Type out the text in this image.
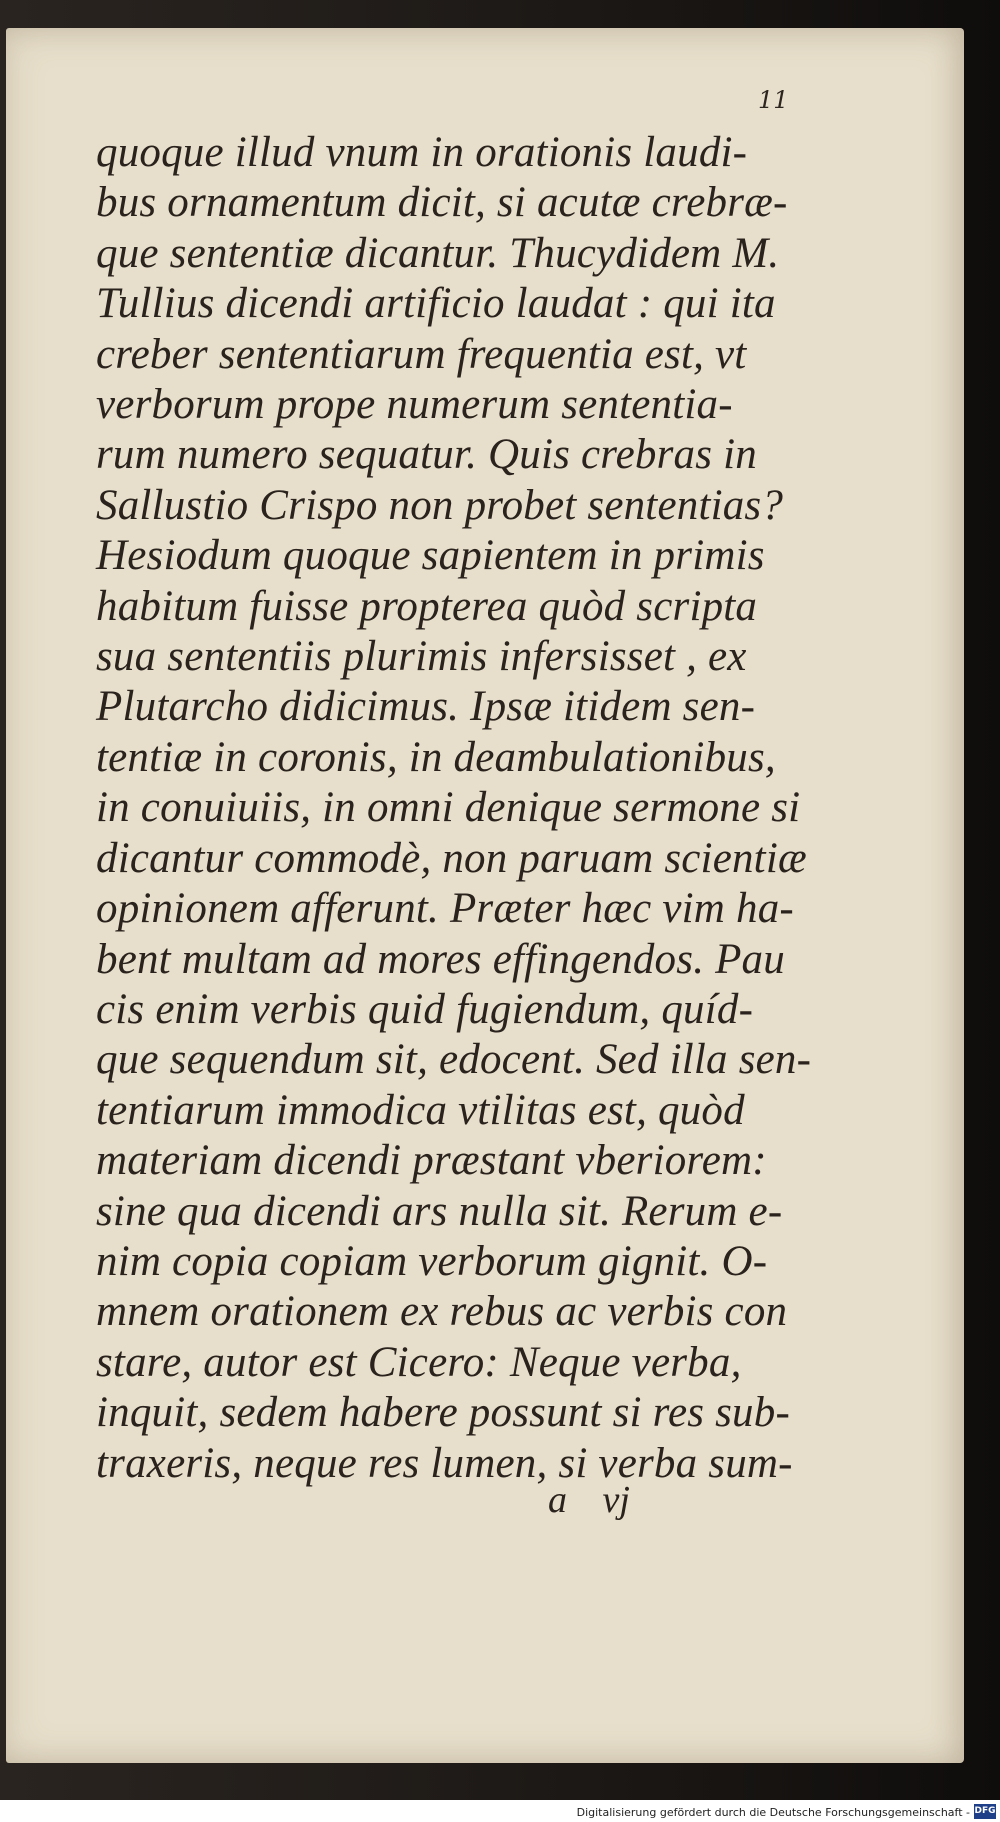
11
quoque illud vnum in orationis laudi-
bus ornamentum dicit, si acutæ crebræ-
que sententiæ dicantur. Thucydidem M.
Tullius dicendi artificio laudat : qui ita
creber sententiarum frequentia est, vt
verborum prope numerum sententia-
rum numero sequatur. Quis crebras in
Sallustio Crispo non probet sententias?
Hesiodum quoque sapientem in primis
habitum fuisse propterea quòd scripta
sua sententiis plurimis infersisset , ex
Plutarcho didicimus. Ipsæ itidem sen-
tentiæ in coronis, in deambulationibus,
in conuiuiis, in omni denique sermone si
dicantur commodè, non paruam scientiæ
opinionem afferunt. Præter hæc vim ha-
bent multam ad mores effingendos. Pau
cis enim verbis quid fugiendum, quíd-
que sequendum sit, edocent. Sed illa sen-
tentiarum immodica vtilitas est, quòd
materiam dicendi præstant vberiorem:
sine qua dicendi ars nulla sit. Rerum e-
nim copia copiam verborum gignit. O-
mnem orationem ex rebus ac verbis con
stare, autor est Cicero: Neque verba,
inquit, sedem habere possunt si res sub-
traxeris, neque res lumen, si verba sum-
a vj
Digitalisierung gefördert durch die Deutsche Forschungsgemeinschaft - DFG
